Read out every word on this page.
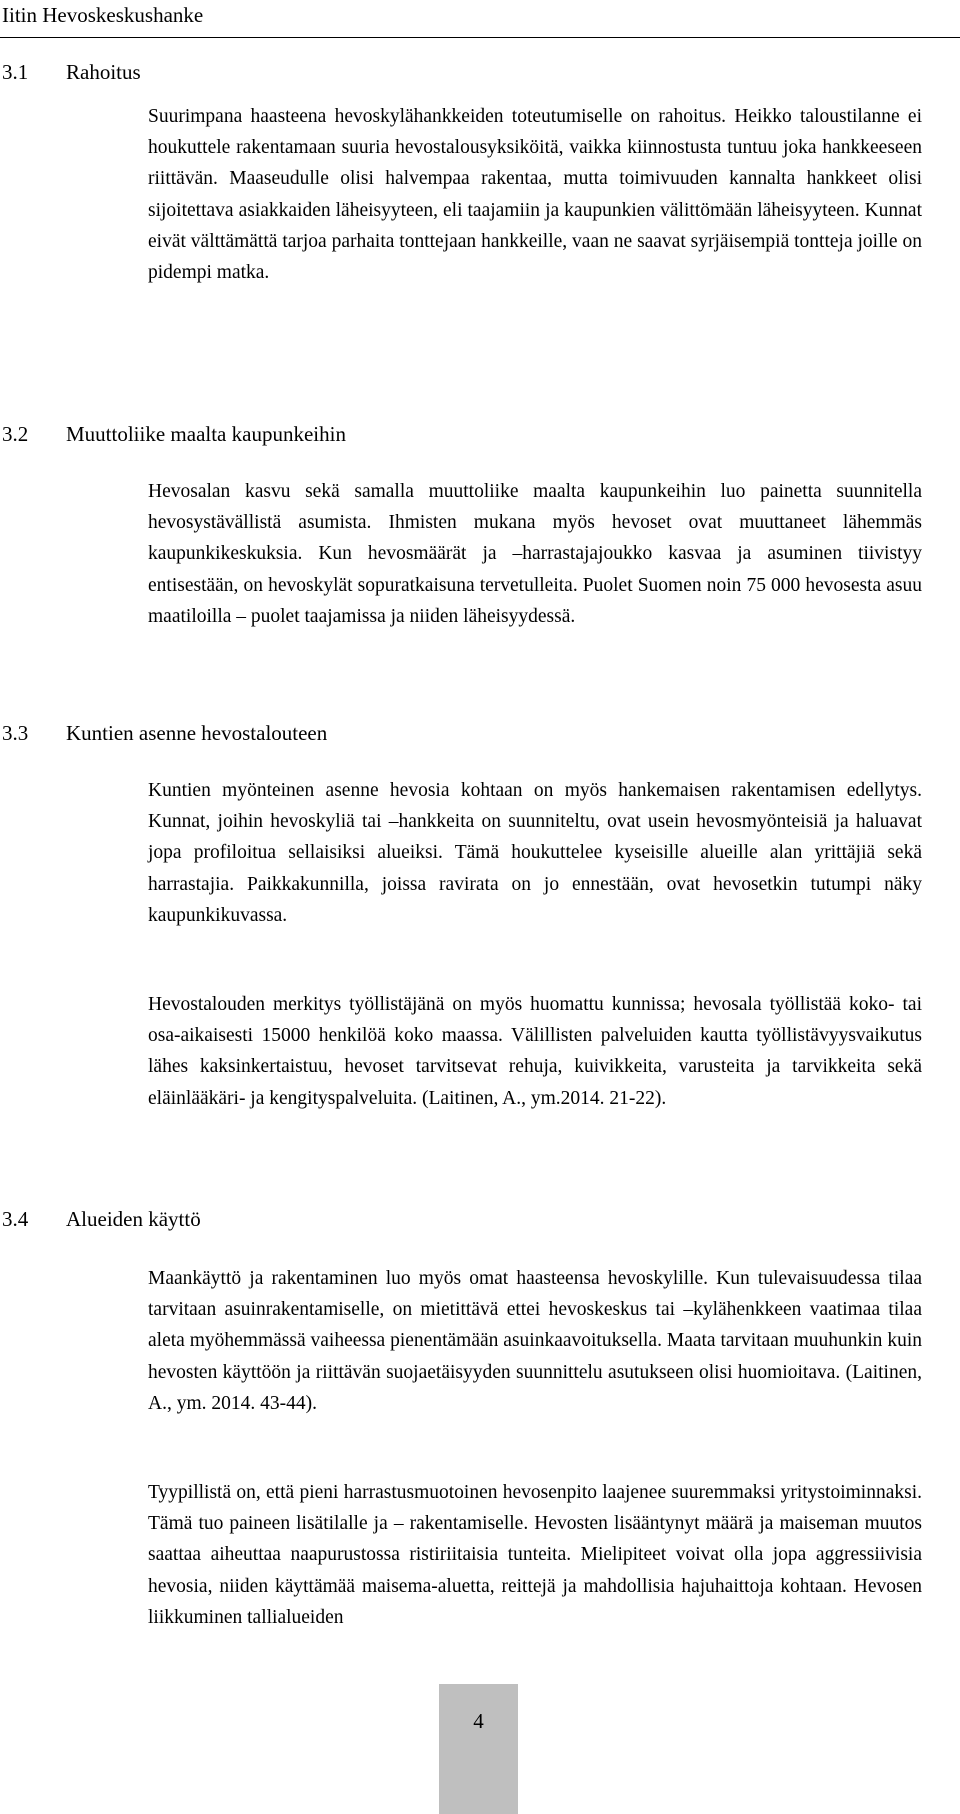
Iitin Hevoskeskushanke
3.1 Rahoitus
Suurimpana haasteena hevoskylähankkeiden toteutumiselle on rahoitus. Heikko taloustilanne ei houkuttele rakentamaan suuria hevostalousyksiköitä, vaikka kiinnostusta tuntuu joka hankkeeseen riittävän. Maaseudulle olisi halvempaa rakentaa, mutta toimivuuden kannalta hankkeet olisi sijoitettava asiakkaiden läheisyyteen, eli taajamiin ja kaupunkien välittömään läheisyyteen. Kunnat eivät välttämättä tarjoa parhaita tonttejaan hankkeille, vaan ne saavat syrjäisempiä tontteja joille on pidempi matka.
3.2 Muuttoliike maalta kaupunkeihin
Hevosalan kasvu sekä samalla muuttoliike maalta kaupunkeihin luo painetta suunnitella hevosystävällistä asumista. Ihmisten mukana myös hevoset ovat muuttaneet lähemmäs kaupunkikeskuksia. Kun hevosmäärät ja –harrastajajoukko kasvaa ja asuminen tiivistyy entisestään, on hevoskylät sopuratkaisuna tervetulleita. Puolet Suomen noin 75 000 hevosesta asuu maatiloilla – puolet taajamissa ja niiden läheisyydessä.
3.3 Kuntien asenne hevostalouteen
Kuntien myönteinen asenne hevosia kohtaan on myös hankemaisen rakentamisen edellytys. Kunnat, joihin hevoskyliä tai –hankkeita on suunniteltu, ovat usein hevosmyönteisiä ja haluavat jopa profiloitua sellaisiksi alueiksi. Tämä houkuttelee kyseisille alueille alan yrittäjiä sekä harrastajia. Paikkakunnilla, joissa ravirata on jo ennestään, ovat hevosetkin tutumpi näky kaupunkikuvassa.
Hevostalouden merkitys työllistäjänä on myös huomattu kunnissa; hevosala työllistää koko- tai osa-aikaisesti 15000 henkilöä koko maassa. Välillisten palveluiden kautta työllistävyysvaikutus lähes kaksinkertaistuu, hevoset tarvitsevat rehuja, kuivikkeita, varusteita ja tarvikkeita sekä eläinlääkäri- ja kengityspalveluita. (Laitinen, A., ym.2014. 21-22).
3.4 Alueiden käyttö
Maankäyttö ja rakentaminen luo myös omat haasteensa hevoskylille. Kun tulevaisuudessa tilaa tarvitaan asuinrakentamiselle, on mietittävä ettei hevoskeskus tai –kylähenkkeen vaatimaa tilaa aleta myöhemmässä vaiheessa pienentämään asuinkaavoituksella. Maata tarvitaan muuhunkin kuin hevosten käyttöön ja riittävän suojaetäisyyden suunnittelu asutukseen olisi huomioitava. (Laitinen, A., ym. 2014. 43-44).
Tyypillistä on, että pieni harrastusmuotoinen hevosenpito laajenee suuremmaksi yritystoiminnaksi. Tämä tuo paineen lisätilalle ja – rakentamiselle. Hevosten lisääntynyt määrä ja maiseman muutos saattaa aiheuttaa naapurustossa ristiriitaisia tunteita. Mielipiteet voivat olla jopa aggressiivisia hevosia, niiden käyttämää maisema-aluetta, reittejä ja mahdollisia hajuhaittoja kohtaan. Hevosen liikkuminen tallialueiden
4
